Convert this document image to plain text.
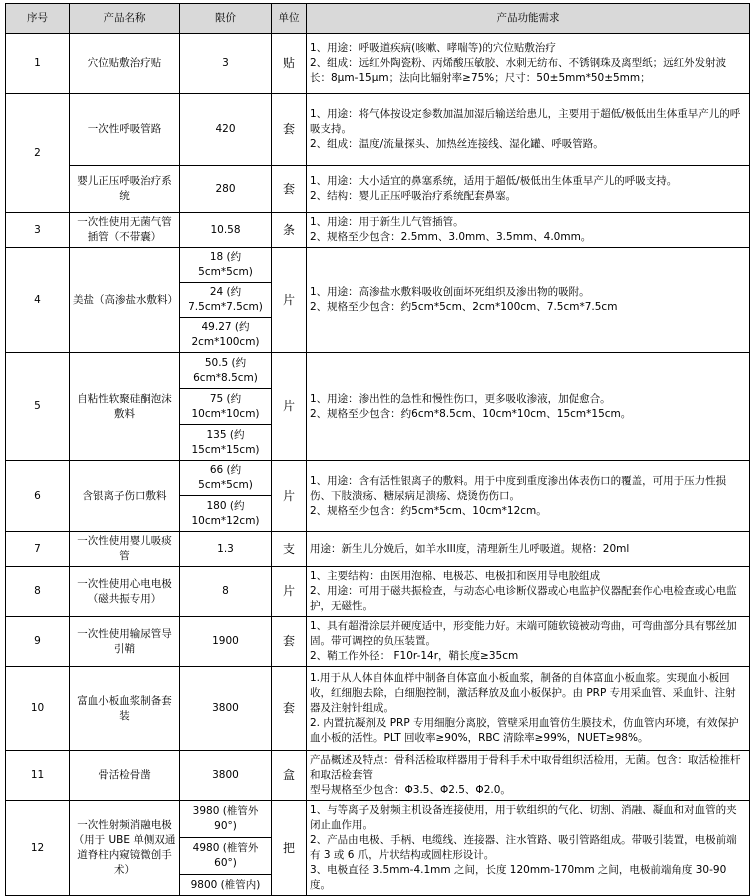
序号	产品名称	限价	单位	产品功能需求
1	穴位贴敷治疗贴	3	贴	1、用途：呼吸道疾病(咳嗽、哮喘等)的穴位贴敷治疗
2、组成：远红外陶瓷粉、丙烯酸压敏胶、水刺无纺布、不锈钢珠及离型纸；远红外发射波长：8μm-15μm；法向比辐射率≥75%；尺寸：50±5mm*50±5mm；

2	一次性呼吸管路	420	套	1、用途：将气体按设定参数加温加湿后输送给患儿，主要用于超低/极低出生体重早产儿的呼吸支持。
2、组成：温度/流量探头、加热丝连接线、湿化罐、呼吸管路。

	婴儿正压呼吸治疗系统	280	套	1、用途：大小适宜的鼻塞系统，适用于超低/极低出生体重早产儿的呼吸支持。
2、结构：婴儿正压呼吸治疗系统配套鼻塞。

3	一次性使用无菌气管插管（不带囊）	10.58	条	1、用途：用于新生儿气管插管。
2、规格至少包含：2.5mm、3.0mm、3.5mm、4.0mm。

4	美盐（高渗盐水敷料）	18 (约5cm*5cm)	片	1、用途：高渗盐水敷料吸收创面坏死组织及渗出物的吸附。
2、规格至少包含：约5cm*5cm、2cm*100cm、7.5cm*7.5cm

		24 (约7.5cm*7.5cm)		
		49.27 (约2cm*100cm)		
5	自粘性软聚硅酮泡沫敷料	50.5 (约6cm*8.5cm)	片	1、用途：渗出性的急性和慢性伤口，更多吸收渗液，加促愈合。
2、规格至少包含：约6cm*8.5cm、10cm*10cm、15cm*15cm。

		75 (约10cm*10cm)		
		135 (约15cm*15cm)		
6	含银离子伤口敷料	66 (约5cm*5cm)	片	1、用途：含有活性银离子的敷料。用于中度到重度渗出体表伤口的覆盖，可用于压力性损伤、下肢溃疡、糖尿病足溃疡、烧烫伤伤口。
2、规格至少包含：约5cm*5cm、10cm*12cm。

		180 (约10cm*12cm)		
7	一次性使用婴儿吸痰管	1.3	支	用途：新生儿分娩后，如羊水III度，清理新生儿呼吸道。规格：20ml

8	一次性使用心电电极（磁共振专用）	8	片	1、主要结构：由医用泡棉、电极芯、电极扣和医用导电胶组成
2、用途：可用于磁共振检查，与动态心电诊断仪器或心电监护仪器配套作心电检查或心电监护，无磁性。

9	一次性使用输尿管导引鞘	1900	套	1、具有超滑涂层并硬度适中，形变能力好。末端可随软镜被动弯曲，可弯曲部分具有鄂丝加固。带可调控的负压装置。
2、鞘工作外径： F10r-14r，鞘长度≥35cm

10	富血小板血浆制备套装	3800	套	1.用于从人体自体血样中制备自体富血小板血浆，制备的自体富血小板血浆。实现血小板回收，红细胞去除，白细胞控制，激活释放及血小板保护。由 PRP 专用采血管、采血针、注射器及注射针组成。
2. 内置抗凝剂及 PRP 专用细胞分离胶，管壁采用血管仿生膜技术，仿血管内环境，有效保护血小板的活性。PLT 回收率≥90%，RBC 清除率≥99%，NUET≥98%。

11	骨活检骨凿	3800	盒	产品概述及特点：骨科活检取样器用于骨科手术中取骨组织活检用，无菌。包含：取活检推杆和取活检套管
型号规格至少包含：Φ3.5、Φ2.5、Φ2.0。

12	一次性射频消融电极（用于 UBE 单侧双通道脊柱内窥镜微创手术）	3980 (椎管外 90°)	把	1、与等离子及射频主机设备连接使用，用于软组织的气化、切割、消融、凝血和对血管的夹闭止血作用。
2、产品由电极、手柄、电缆线、连接器、注水管路、吸引管路组成。带吸引装置，电极前端有 3 或 6 爪，片状结构或圆柱形设计。
3、电极直径 3.5mm-4.1mm 之间，长度 120mm-170mm 之间，电极前端角度 30-90 度。

		4980 (椎管外 60°)		
		9800 (椎管内)		
